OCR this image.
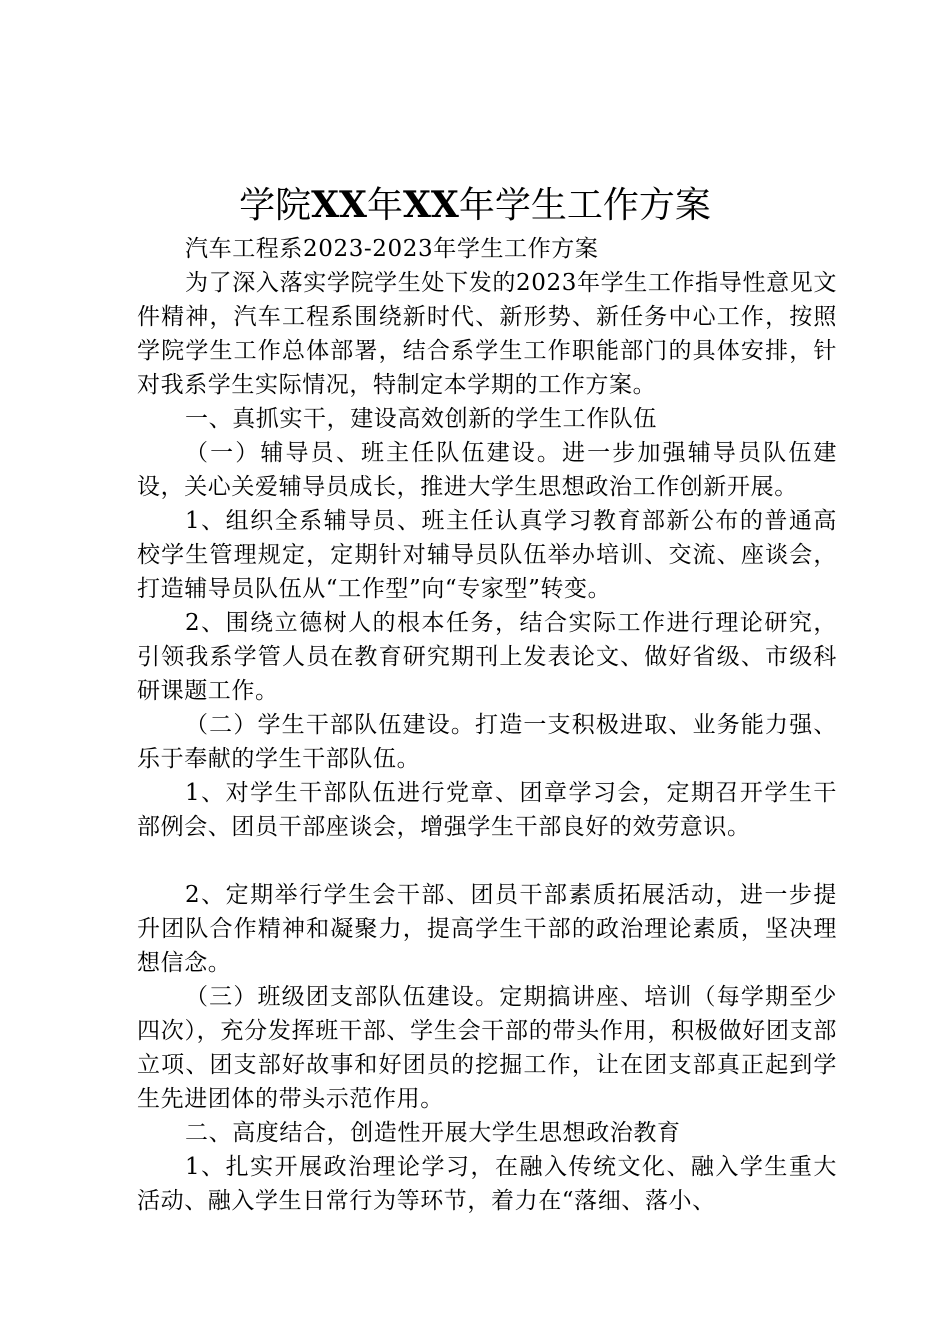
学院XX年XX年学生工作方案

汽车工程系2023-2023年学生工作方案

为了深入落实学院学生处下发的2023年学生工作指导性意见文件精神，汽车工程系围绕新时代、新形势、新任务中心工作，按照学院学生工作总体部署，结合系学生工作职能部门的具体安排，针对我系学生实际情况，特制定本学期的工作方案。

一、真抓实干，建设高效创新的学生工作队伍

（一）辅导员、班主任队伍建设。进一步加强辅导员队伍建设，关心关爱辅导员成长，推进大学生思想政治工作创新开展。

1、组织全系辅导员、班主任认真学习教育部新公布的普通高校学生管理规定，定期针对辅导员队伍举办培训、交流、座谈会，打造辅导员队伍从“工作型”向“专家型”转变。

2、围绕立德树人的根本任务，结合实际工作进行理论研究，引领我系学管人员在教育研究期刊上发表论文、做好省级、市级科研课题工作。

（二）学生干部队伍建设。打造一支积极进取、业务能力强、乐于奉献的学生干部队伍。

1、对学生干部队伍进行党章、团章学习会，定期召开学生干部例会、团员干部座谈会，增强学生干部良好的效劳意识。

2、定期举行学生会干部、团员干部素质拓展活动，进一步提升团队合作精神和凝聚力，提高学生干部的政治理论素质，坚决理想信念。

（三）班级团支部队伍建设。定期搞讲座、培训（每学期至少四次），充分发挥班干部、学生会干部的带头作用，积极做好团支部立项、团支部好故事和好团员的挖掘工作，让在团支部真正起到学生先进团体的带头示范作用。

二、高度结合，创造性开展大学生思想政治教育

1、扎实开展政治理论学习，在融入传统文化、融入学生重大活动、融入学生日常行为等环节，着力在“落细、落小、
